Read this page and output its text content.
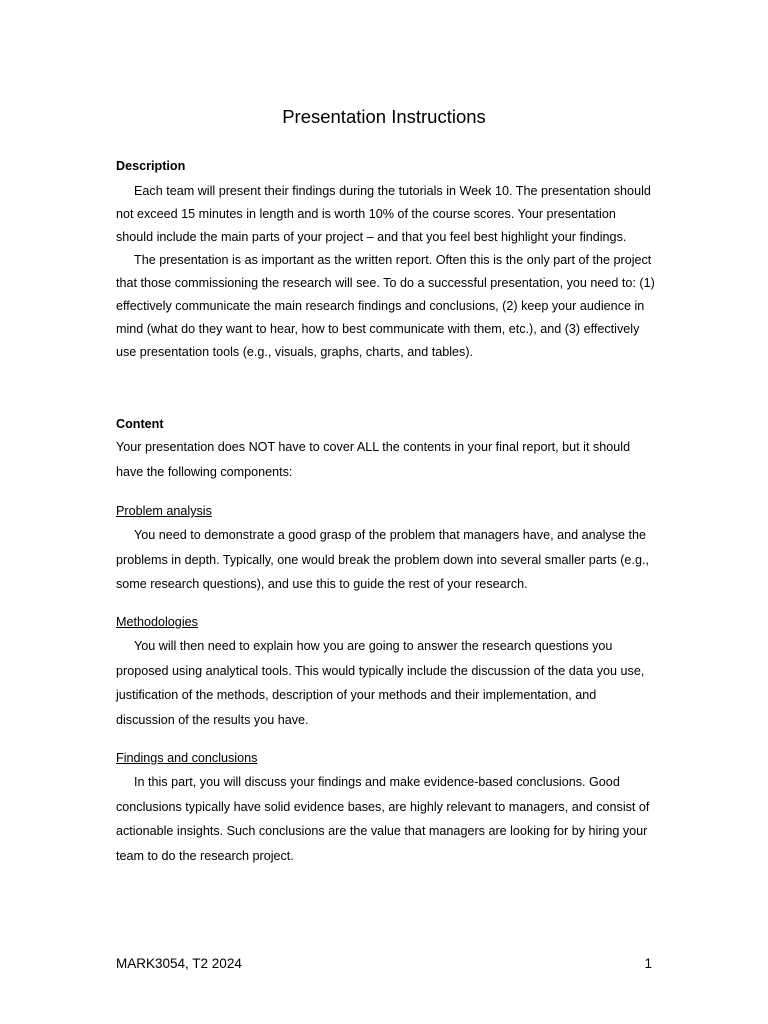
Presentation Instructions
Description
Each team will present their findings during the tutorials in Week 10. The presentation should not exceed 15 minutes in length and is worth 10% of the course scores. Your presentation should include the main parts of your project – and that you feel best highlight your findings.
The presentation is as important as the written report. Often this is the only part of the project that those commissioning the research will see. To do a successful presentation, you need to: (1) effectively communicate the main research findings and conclusions, (2) keep your audience in mind (what do they want to hear, how to best communicate with them, etc.), and (3) effectively use presentation tools (e.g., visuals, graphs, charts, and tables).
Content
Your presentation does NOT have to cover ALL the contents in your final report, but it should have the following components:
Problem analysis
You need to demonstrate a good grasp of the problem that managers have, and analyse the problems in depth. Typically, one would break the problem down into several smaller parts (e.g., some research questions), and use this to guide the rest of your research.
Methodologies
You will then need to explain how you are going to answer the research questions you proposed using analytical tools. This would typically include the discussion of the data you use, justification of the methods, description of your methods and their implementation, and discussion of the results you have.
Findings and conclusions
In this part, you will discuss your findings and make evidence-based conclusions. Good conclusions typically have solid evidence bases, are highly relevant to managers, and consist of actionable insights. Such conclusions are the value that managers are looking for by hiring your team to do the research project.
MARK3054, T2 2024	1
